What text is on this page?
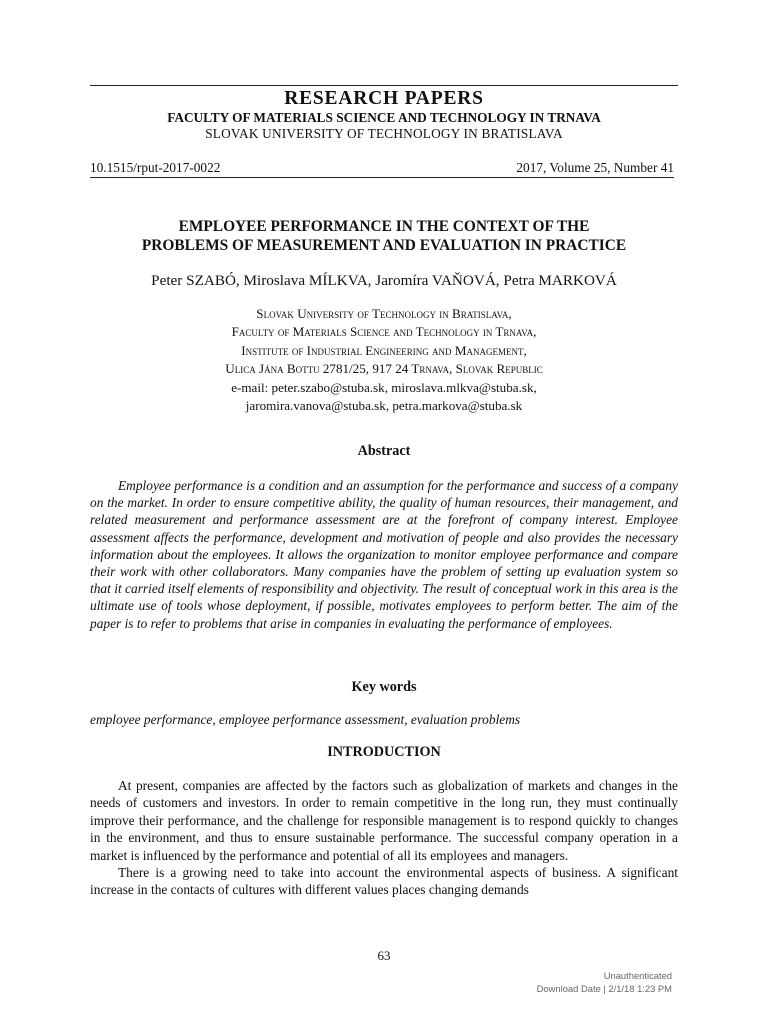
RESEARCH PAPERS
FACULTY OF MATERIALS SCIENCE AND TECHNOLOGY IN TRNAVA
SLOVAK UNIVERSITY OF TECHNOLOGY IN BRATISLAVA
10.1515/rput-2017-0022	2017, Volume 25, Number 41
EMPLOYEE PERFORMANCE IN THE CONTEXT OF THE
PROBLEMS OF MEASUREMENT AND EVALUATION IN PRACTICE
Peter SZABÓ, Miroslava MÍLKVA, Jaromíra VAŇOVÁ, Petra MARKOVÁ
Slovak University of Technology in Bratislava,
Faculty of Materials Science and Technology in Trnava,
Institute of Industrial Engineering and Management,
Ulica Jána Bottu 2781/25, 917 24 Trnava, Slovak Republic
e-mail: peter.szabo@stuba.sk, miroslava.mlkva@stuba.sk,
jaromira.vanova@stuba.sk, petra.markova@stuba.sk
Abstract

Employee performance is a condition and an assumption for the performance and success of a company on the market. In order to ensure competitive ability, the quality of human resources, their management, and related measurement and performance assessment are at the forefront of company interest. Employee assessment affects the performance, development and motivation of people and also provides the necessary information about the employees. It allows the organization to monitor employee performance and compare their work with other collaborators. Many companies have the problem of setting up evaluation system so that it carried itself elements of responsibility and objectivity. The result of conceptual work in this area is the ultimate use of tools whose deployment, if possible, motivates employees to perform better. The aim of the paper is to refer to problems that arise in companies in evaluating the performance of employees.

Key words
employee performance, employee performance assessment, evaluation problems
INTRODUCTION

At present, companies are affected by the factors such as globalization of markets and changes in the needs of customers and investors. In order to remain competitive in the long run, they must continually improve their performance, and the challenge for responsible management is to respond quickly to changes in the environment, and thus to ensure sustainable performance. The successful company operation in a market is influenced by the performance and potential of all its employees and managers.

There is a growing need to take into account the environmental aspects of business. A significant increase in the contacts of cultures with different values places changing demands

63
Unauthenticated
Download Date | 2/1/18 1:23 PM
